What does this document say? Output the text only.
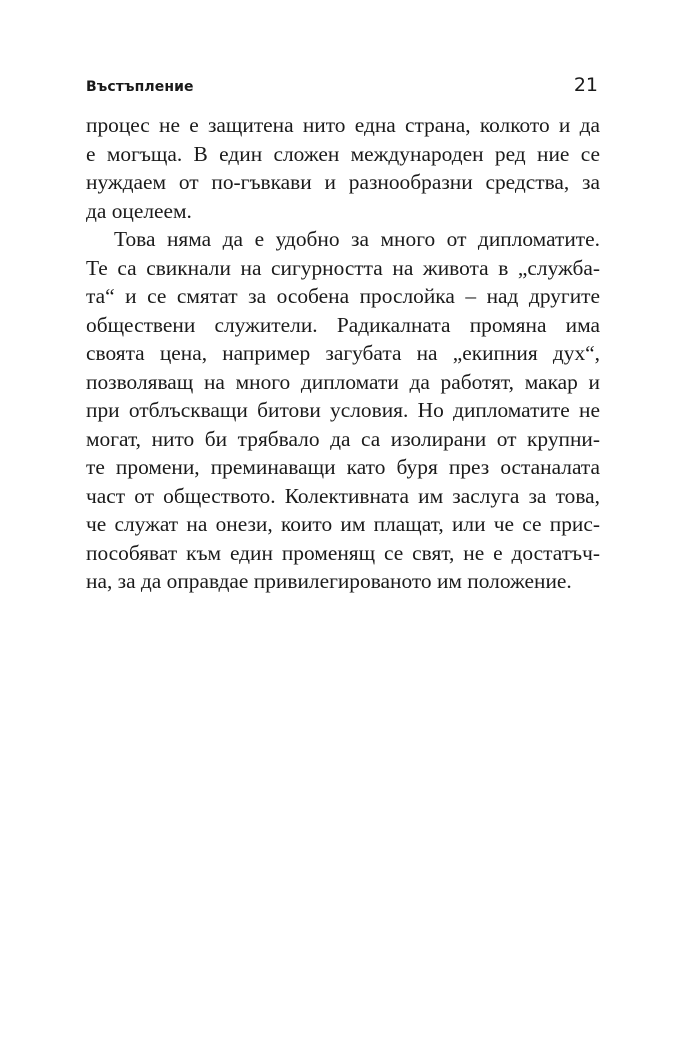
Въстъпление	21

процес не е защитена нито една страна, колкото и да
е могъща. В един сложен международен ред ние се
нуждаем от по-гъвкави и разнообразни средства, за
да оцелеем.

Това няма да е удобно за много от дипломатите.
Те са свикнали на сигурността на живота в „служба-
та“ и се смятат за особена прослойка – над другите
обществени служители. Радикалната промяна има
своята цена, например загубата на „екипния дух“,
позволяващ на много дипломати да работят, макар и
при отблъскващи битови условия. Но дипломатите не
могат, нито би трябвало да са изолирани от крупни-
те промени, преминаващи като буря през останалата
част от обществото. Колективната им заслуга за това,
че служат на онези, които им плащат, или че се прис-
пособяват към един променящ се свят, не е достатъч-
на, за да оправдае привилегированото им положение.
